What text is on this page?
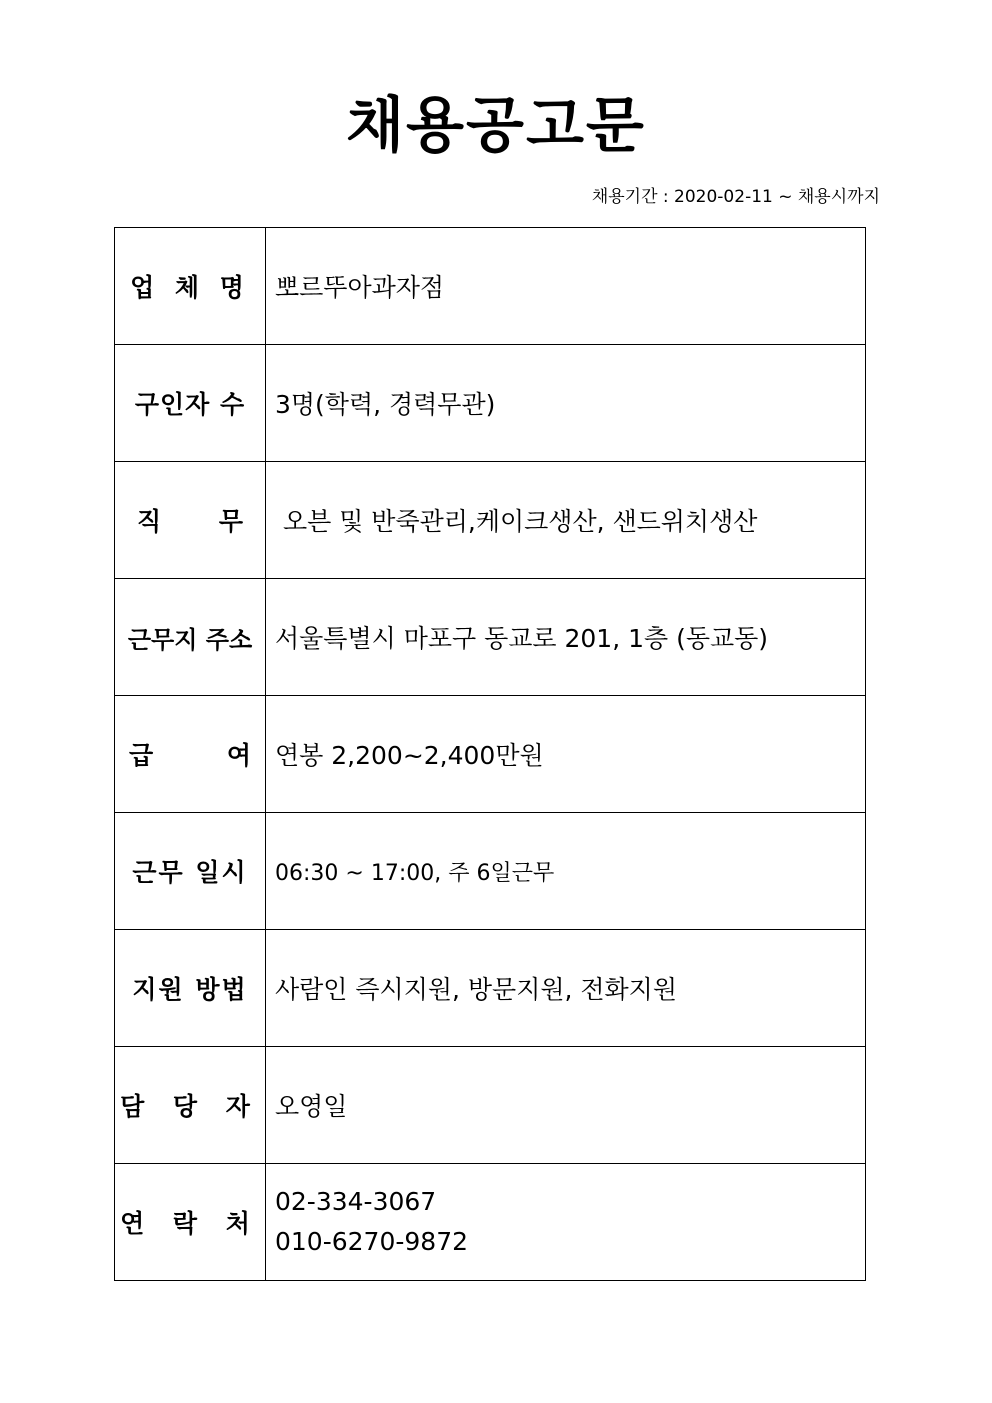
채용공고문
채용기간 : 2020-02-11 ~ 채용시까지
업 체 명	뽀르뚜아과자점
구인자 수	3명(학력, 경력무관)

직 무	오븐 및 반죽관리,케이크생산, 샌드위치생산
근무지 주소	서울특별시 마포구 동교로 201, 1층 (동교동)

급 여	연봉 2,200~2,400만원
근무 일시	06:30 ~ 17:00, 주 6일근무
지원 방법	사람인 즉시지원, 방문지원, 전화지원
담 당 자	오영일
연 락 처	02-334-3067
010-6270-9872
